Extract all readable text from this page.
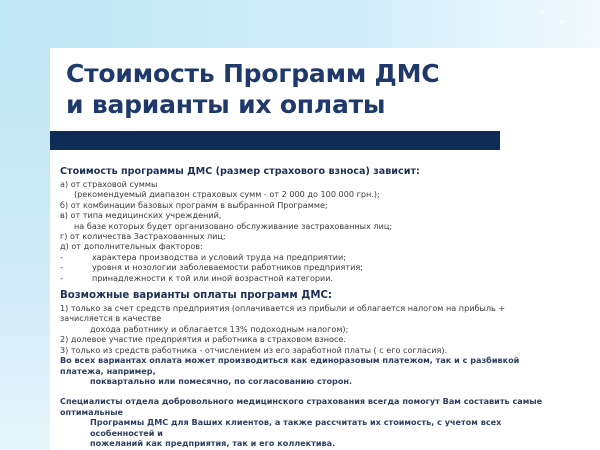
Стоимость Программ ДМС
и варианты их оплаты

Стоимость программы ДМС (размер страхового взноса) зависит:

а) от страховой суммы

(рекомендуемый диапазон страховых сумм - от 2 000 до 100 000 грн.);

б) от комбинации базовых программ в выбранной Программе;

в) от типа медицинских учреждений,

на базе которых будет организовано обслуживание застрахованных лиц;

г) от количества Застрахованных лиц;

д) от дополнительных факторов:

-	характера производства и условий труда на предприятии;

-	уровня и нозологии заболеваемости работников предприятия;

-	принадлежности к той или иной возрастной категории.

Возможные варианты оплаты программ ДМС:

1) только за счет средств предприятия (оплачивается из прибыли и облагается налогом на прибыль + зачисляется в качестве
дохода работнику и облагается 13% подоходным налогом);

2) долевое участие предприятия и работника в страховом взносе.

3) только из средств работника - отчислением из его заработной платы ( с его согласия).

Во всех вариантах оплата может производиться как единоразовым платежом, так и с разбивкой платежа, например,
поквартально или помесячно, по согласованию сторон.

Специалисты отдела добровольного медицинского страхования всегда помогут Вам составить самые оптимальные
Программы ДМС для Ваших клиентов, а также рассчитать их стоимость, с учетом всех особенностей и
пожеланий как предприятия, так и его коллектива.
